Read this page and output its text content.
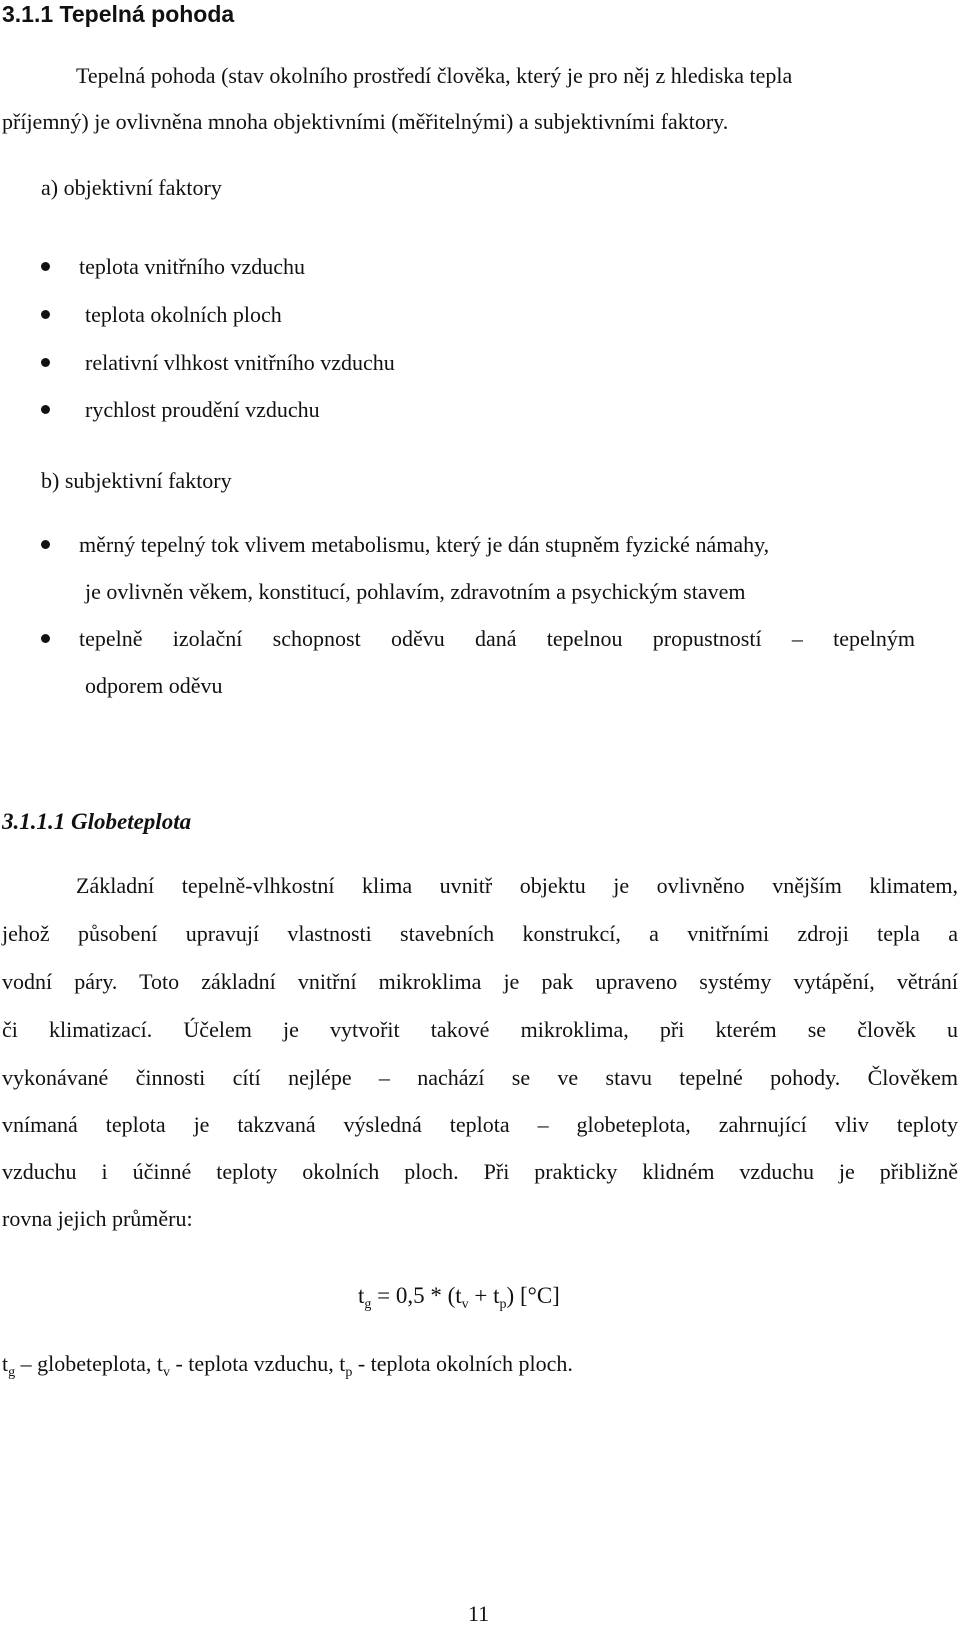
3.1.1 Tepelná pohoda
Tepelná pohoda (stav okolního prostředí člověka, který je pro něj z hlediska tepla
příjemný) je ovlivněna mnoha objektivními (měřitelnými) a subjektivními faktory.
a) objektivní faktory
teplota vnitřního vzduchu
teplota okolních ploch
relativní vlhkost vnitřního vzduchu
rychlost proudění vzduchu
b) subjektivní faktory
měrný tepelný tok vlivem metabolismu, který je dán stupněm fyzické námahy,
je ovlivněn věkem, konstitucí, pohlavím, zdravotním a psychickým stavem
tepelně izolační schopnost oděvu daná tepelnou propustností – tepelným
odporem oděvu
3.1.1.1 Globeteplota
Základní tepelně-vlhkostní klima uvnitř objektu je ovlivněno vnějším klimatem,
jehož působení upravují vlastnosti stavebních konstrukcí, a vnitřními zdroji tepla a
vodní páry. Toto základní vnitřní mikroklima je pak upraveno systémy vytápění, větrání
či klimatizací. Účelem je vytvořit takové mikroklima, při kterém se člověk u
vykonávané činnosti cítí nejlépe – nachází se ve stavu tepelné pohody. Člověkem
vnímaná teplota je takzvaná výsledná teplota – globeteplota, zahrnující vliv teploty
vzduchu i účinné teploty okolních ploch. Při prakticky klidném vzduchu je přibližně
rovna jejich průměru:
$t_g = 0,5 * (t_v + t_p)$ [°C]
$t_g$ – globeteplota, $t_v$ - teplota vzduchu, $t_p$ - teplota okolních ploch.
11
